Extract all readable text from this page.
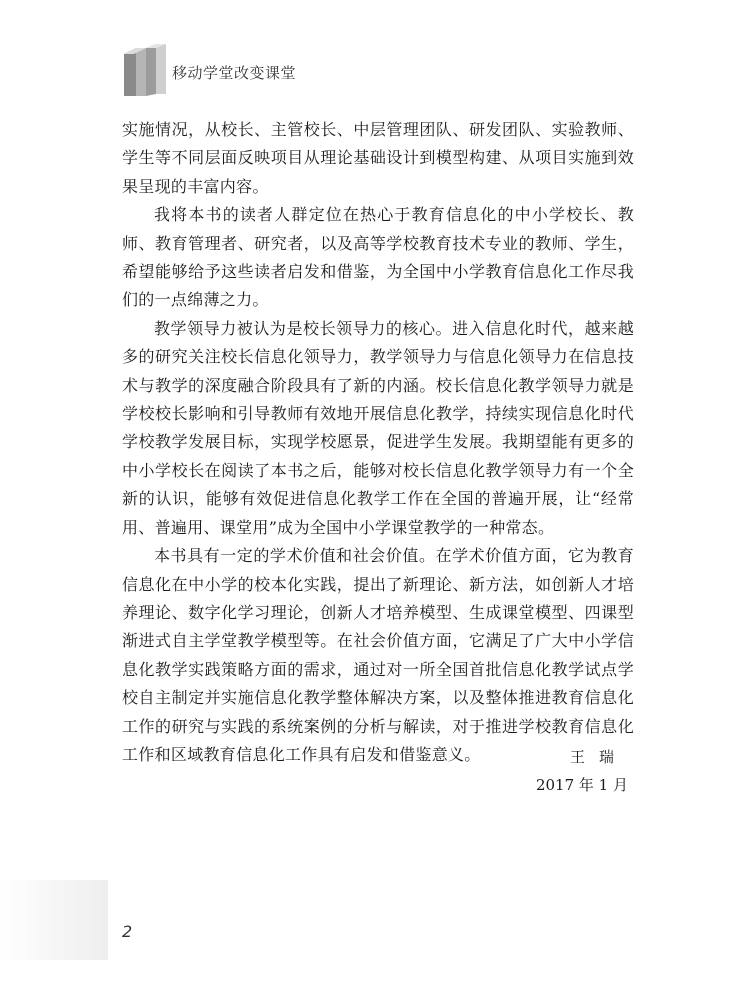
移动学堂改变课堂

实施情况，从校长、主管校长、中层管理团队、研发团队、实验教师、学生等不同层面反映项目从理论基础设计到模型构建、从项目实施到效果呈现的丰富内容。

我将本书的读者人群定位在热心于教育信息化的中小学校长、教师、教育管理者、研究者，以及高等学校教育技术专业的教师、学生，希望能够给予这些读者启发和借鉴，为全国中小学教育信息化工作尽我们的一点绵薄之力。

教学领导力被认为是校长领导力的核心。进入信息化时代，越来越多的研究关注校长信息化领导力，教学领导力与信息化领导力在信息技术与教学的深度融合阶段具有了新的内涵。校长信息化教学领导力就是学校校长影响和引导教师有效地开展信息化教学，持续实现信息化时代学校教学发展目标，实现学校愿景，促进学生发展。我期望能有更多的中小学校长在阅读了本书之后，能够对校长信息化教学领导力有一个全新的认识，能够有效促进信息化教学工作在全国的普遍开展，让“经常用、普遍用、课堂用”成为全国中小学课堂教学的一种常态。

本书具有一定的学术价值和社会价值。在学术价值方面，它为教育信息化在中小学的校本化实践，提出了新理论、新方法，如创新人才培养理论、数字化学习理论，创新人才培养模型、生成课堂模型、四课型渐进式自主学堂教学模型等。在社会价值方面，它满足了广大中小学信息化教学实践策略方面的需求，通过对一所全国首批信息化教学试点学校自主制定并实施信息化教学整体解决方案，以及整体推进教育信息化工作的研究与实践的系统案例的分析与解读，对于推进学校教育信息化工作和区域教育信息化工作具有启发和借鉴意义。	王瑞
2017 年 1 月
2
